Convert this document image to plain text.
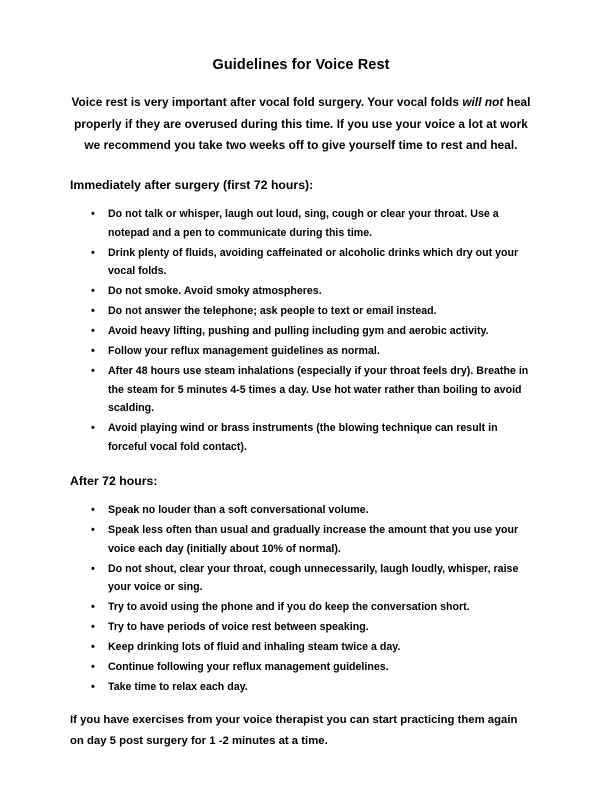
Guidelines for Voice Rest

Voice rest is very important after vocal fold surgery. Your vocal folds will not heal properly if they are overused during this time. If you use your voice a lot at work we recommend you take two weeks off to give yourself time to rest and heal.

Immediately after surgery (first 72 hours):
• Do not talk or whisper, laugh out loud, sing, cough or clear your throat. Use a notepad and a pen to communicate during this time.
• Drink plenty of fluids, avoiding caffeinated or alcoholic drinks which dry out your vocal folds.
• Do not smoke. Avoid smoky atmospheres.
• Do not answer the telephone; ask people to text or email instead.
• Avoid heavy lifting, pushing and pulling including gym and aerobic activity.
• Follow your reflux management guidelines as normal.
• After 48 hours use steam inhalations (especially if your throat feels dry). Breathe in the steam for 5 minutes 4-5 times a day. Use hot water rather than boiling to avoid scalding.
• Avoid playing wind or brass instruments (the blowing technique can result in forceful vocal fold contact).
After 72 hours:
• Speak no louder than a soft conversational volume.
• Speak less often than usual and gradually increase the amount that you use your voice each day (initially about 10% of normal).
• Do not shout, clear your throat, cough unnecessarily, laugh loudly, whisper, raise your voice or sing.
• Try to avoid using the phone and if you do keep the conversation short.
• Try to have periods of voice rest between speaking.
• Keep drinking lots of fluid and inhaling steam twice a day.
• Continue following your reflux management guidelines.
• Take time to relax each day.

If you have exercises from your voice therapist you can start practicing them again on day 5 post surgery for 1 -2 minutes at a time.
